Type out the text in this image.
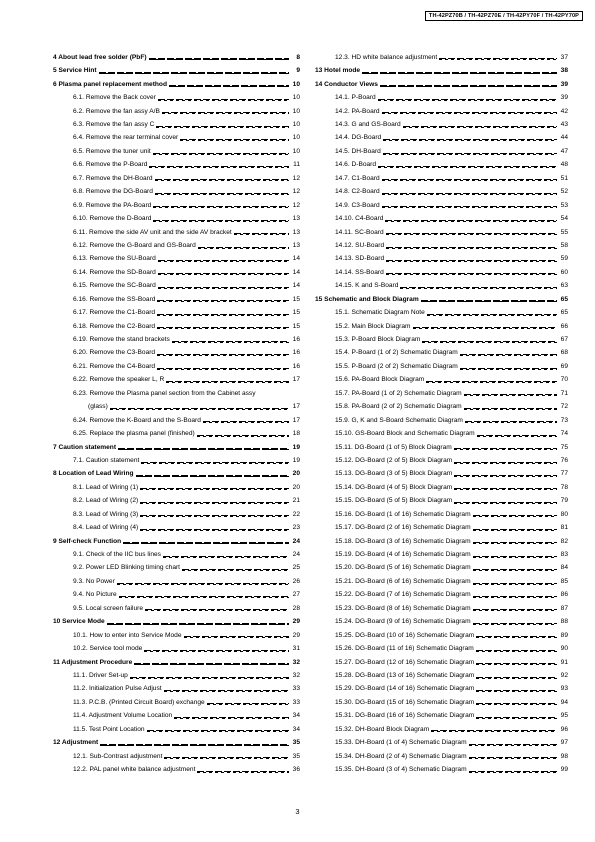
TH-42PZ70B / TH-42PZ70E / TH-42PY70F / TH-42PY70P
4 About lead free solder (PbF)	8
5 Service Hint	9
6 Plasma panel replacement method	10
6.1. Remove the Back cover	10
6.2. Remove the fan assy A/B	10
6.3. Remove the fan assy C	10
6.4. Remove the rear terminal cover	10
6.5. Remove the tuner unit	10
6.6. Remove the P-Board	11
6.7. Remove the DH-Board	12
6.8. Remove the DG-Board	12
6.9. Remove the PA-Board	12
6.10. Remove the D-Board	13
6.11. Remove the side AV unit and the side AV bracket	13
6.12. Remove the G-Board and GS-Board	13
6.13. Remove the SU-Board	14
6.14. Remove the SD-Board	14
6.15. Remove the SC-Board	14
6.16. Remove the SS-Board	15
6.17. Remove the C1-Board	15
6.18. Remove the C2-Board	15
6.19. Remove the stand brackets	16
6.20. Remove the C3-Board	16
6.21. Remove the C4-Board	16
6.22. Remove the speaker L, R	17
6.23. Remove the Plasma panel section from the Cabinet assy
(glass)	17
6.24. Remove the K-Board and the S-Board	17
6.25. Replace the plasma panel (finished)	18
7 Caution statement	19
7.1. Caution statement	19
8 Location of Lead Wiring	20
8.1. Lead of Wiring (1)	20
8.2. Lead of Wiring (2)	21
8.3. Lead of Wiring (3)	22
8.4. Lead of Wiring (4)	23
9 Self-check Function	24
9.1. Check of the IIC bus lines	24
9.2. Power LED Blinking timing chart	25
9.3. No Power	26
9.4. No Picture	27
9.5. Local screen failure	28
10 Service Mode	29
10.1. How to enter into Service Mode	29
10.2. Service tool mode	31
11 Adjustment Procedure	32
11.1. Driver Set-up	32
11.2. Initialization Pulse Adjust	33
11.3. P.C.B. (Printed Circuit Board) exchange	33
11.4. Adjustment Volume Location	34
11.5. Test Point Location	34
12 Adjustment	35
12.1. Sub-Contrast adjustment	35
12.2. PAL panel white balance adjustment	36
12.3. HD white balance adjustment	37
13 Hotel mode	38
14 Conductor Views	39
14.1. P-Board	39
14.2. PA-Board	42
14.3. G and GS-Board	43
14.4. DG-Board	44
14.5. DH-Board	47
14.6. D-Board	48
14.7. C1-Board	51
14.8. C2-Board	52
14.9. C3-Board	53
14.10. C4-Board	54
14.11. SC-Board	55
14.12. SU-Board	58
14.13. SD-Board	59
14.14. SS-Board	60
14.15. K and S-Board	63
15 Schematic and Block Diagram	65
15.1. Schematic Diagram Note	65
15.2. Main Block Diagram	66
15.3. P-Board Block Diagram	67
15.4. P-Board (1 of 2) Schematic Diagram	68
15.5. P-Board (2 of 2) Schematic Diagram	69
15.6. PA-Board Block Diagram	70
15.7. PA-Board (1 of 2) Schematic Diagram	71
15.8. PA-Board (2 of 2) Schematic Diagram	72
15.9. G, K and S-Board Schematic Diagram	73
15.10. GS-Board Block and Schematic Diagram	74
15.11. DG-Board (1 of 5) Block Diagram	75
15.12. DG-Board (2 of 5) Block Diagram	76
15.13. DG-Board (3 of 5) Block Diagram	77
15.14. DG-Board (4 of 5) Block Diagram	78
15.15. DG-Board (5 of 5) Block Diagram	79
15.16. DG-Board (1 of 16) Schematic Diagram	80
15.17. DG-Board (2 of 16) Schematic Diagram	81
15.18. DG-Board (3 of 16) Schematic Diagram	82
15.19. DG-Board (4 of 16) Schematic Diagram	83
15.20. DG-Board (5 of 16) Schematic Diagram	84
15.21. DG-Board (6 of 16) Schematic Diagram	85
15.22. DG-Board (7 of 16) Schematic Diagram	86
15.23. DG-Board (8 of 16) Schematic Diagram	87
15.24. DG-Board (9 of 16) Schematic Diagram	88
15.25. DG-Board (10 of 16) Schematic Diagram	89
15.26. DG-Board (11 of 16) Schematic Diagram	90
15.27. DG-Board (12 of 16) Schematic Diagram	91
15.28. DG-Board (13 of 16) Schematic Diagram	92
15.29. DG-Board (14 of 16) Schematic Diagram	93
15.30. DG-Board (15 of 16) Schematic Diagram	94
15.31. DG-Board (16 of 16) Schematic Diagram	95
15.32. DH-Board Block Diagram	96
15.33. DH-Board (1 of 4) Schematic Diagram	97
15.34. DH-Board (2 of 4) Schematic Diagram	98
15.35. DH-Board (3 of 4) Schematic Diagram	99
3
